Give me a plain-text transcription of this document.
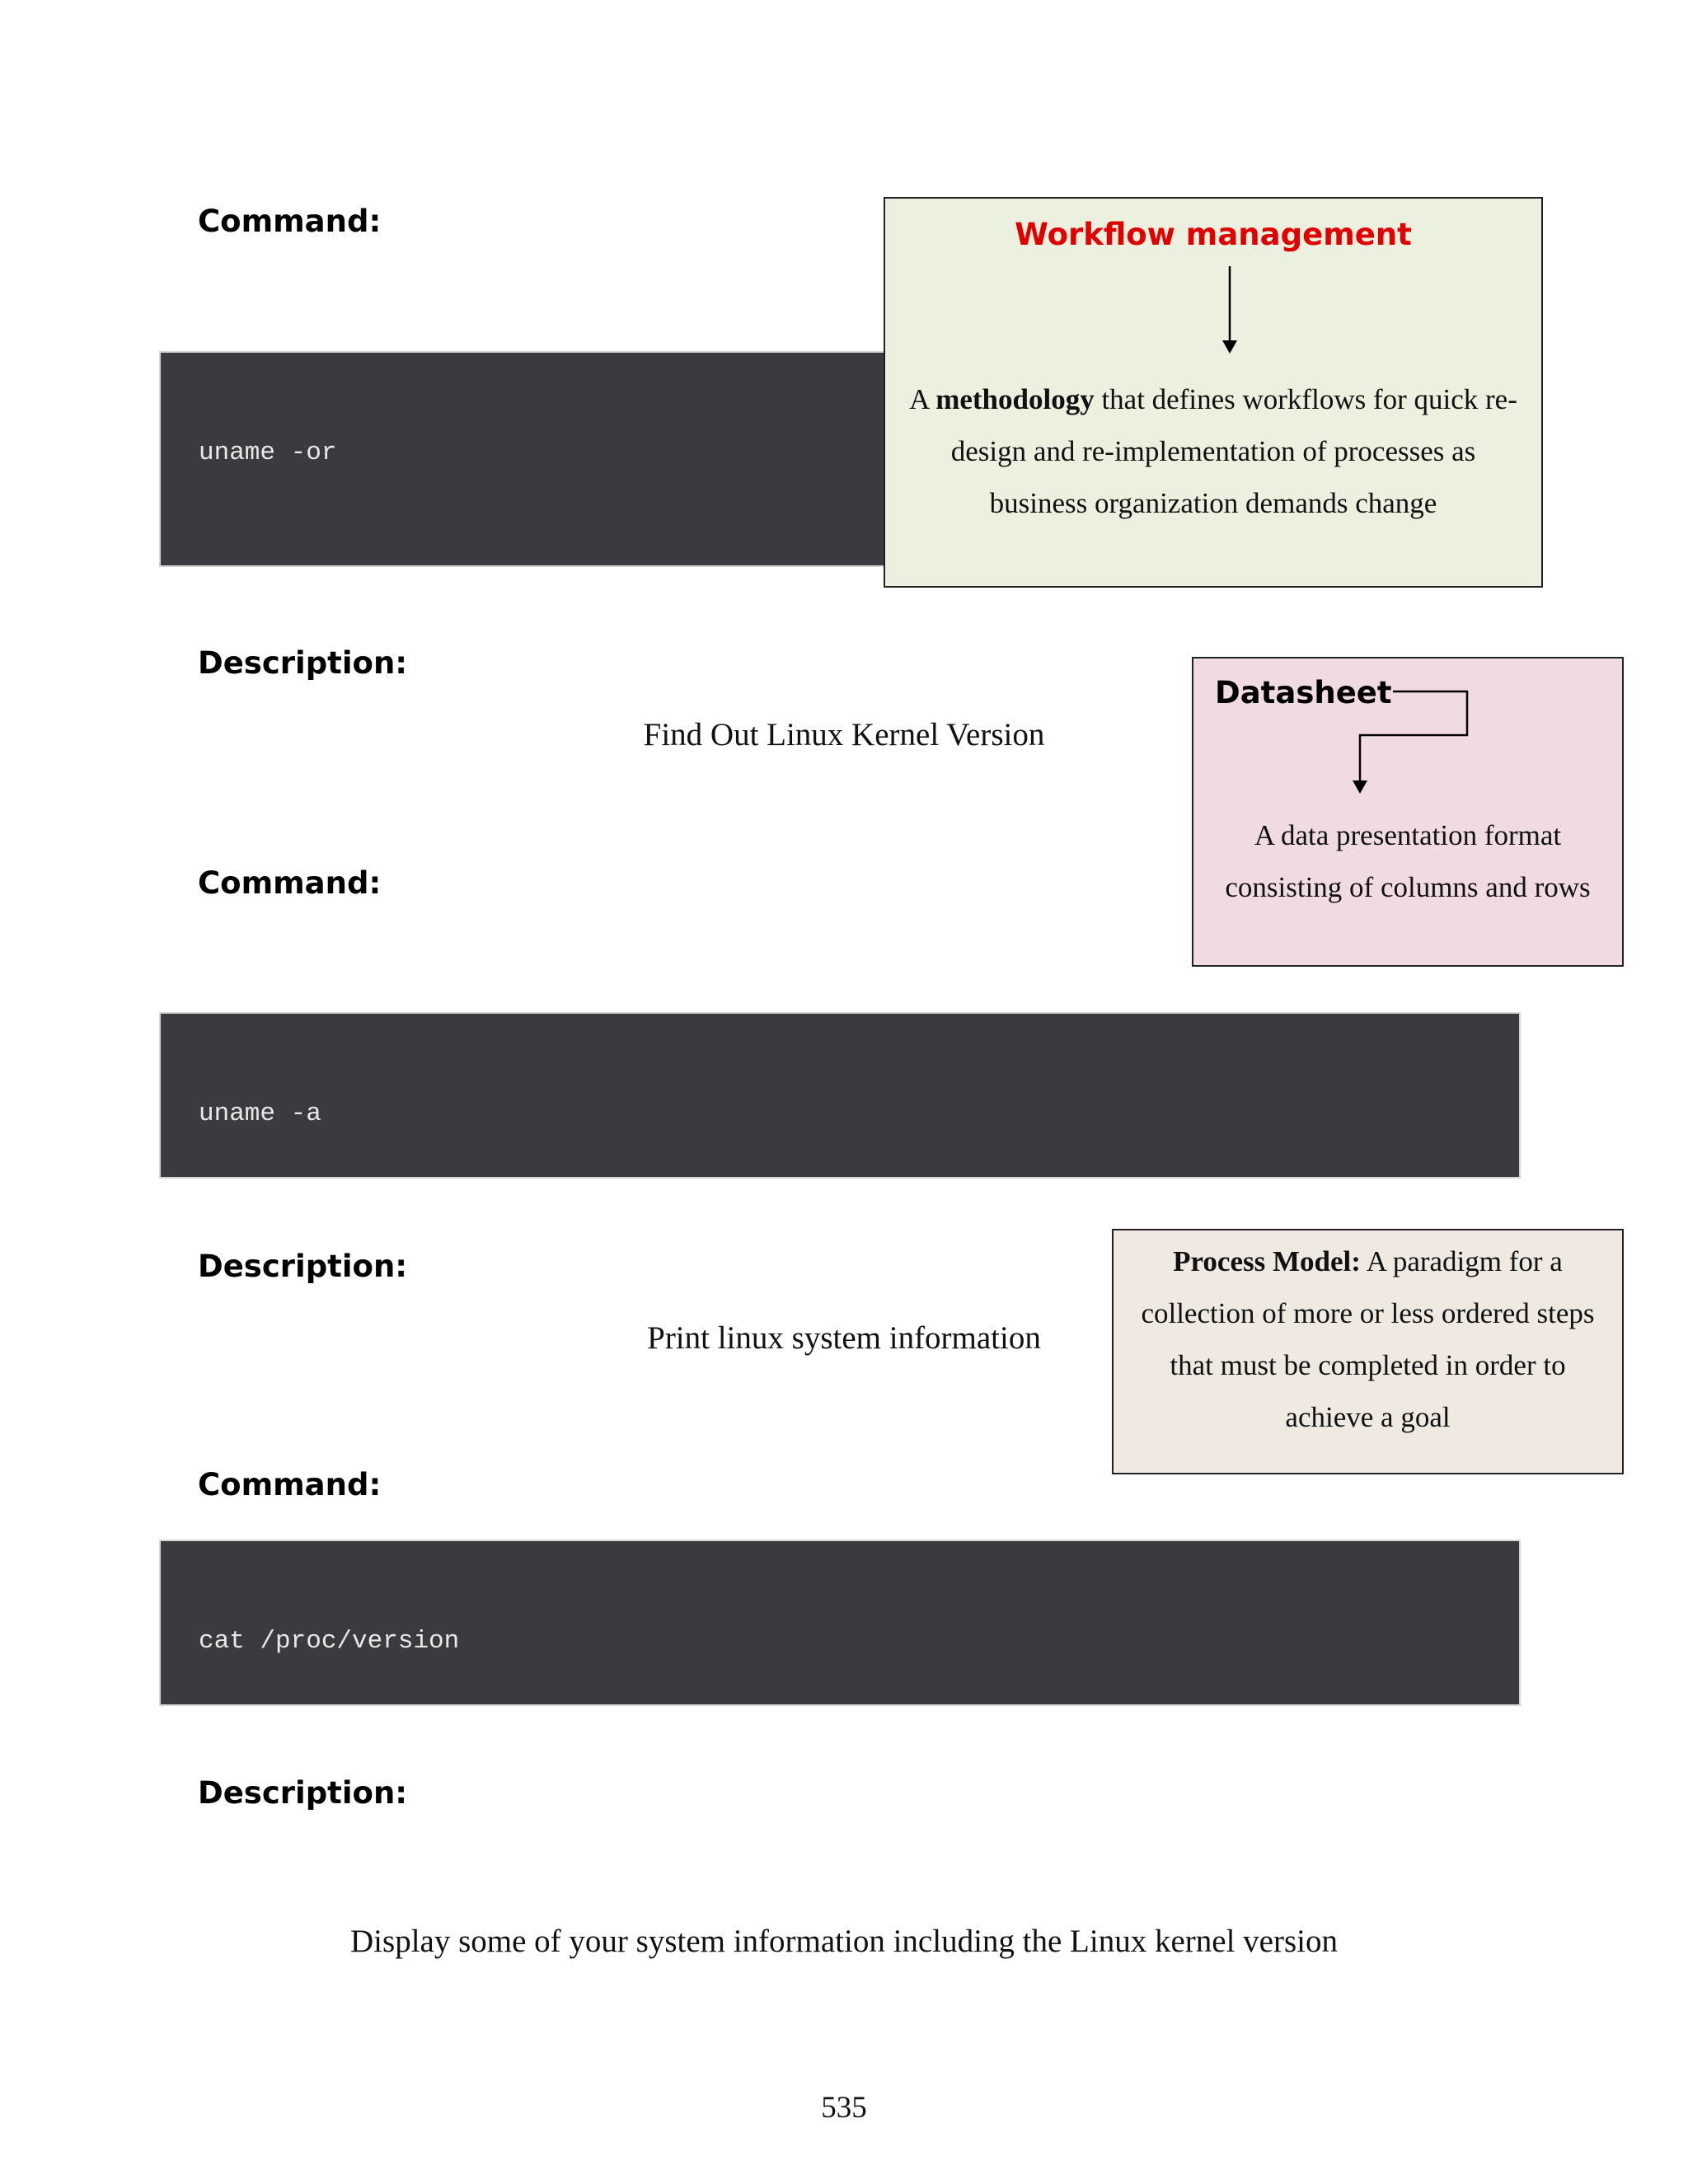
Command:
uname -or
Description:
Find Out Linux Kernel Version
Command:
uname -a
Description:
Print linux system information
Command:
cat /proc/version
Description:
Display some of your system information including the Linux kernel version
Workflow management

A methodology that defines workflows for quick re-design and re-implementation of processes as business organization demands change

Datasheet

A data presentation format consisting of columns and rows

Process Model: A paradigm for a collection of more or less ordered steps that must be completed in order to achieve a goal

535
